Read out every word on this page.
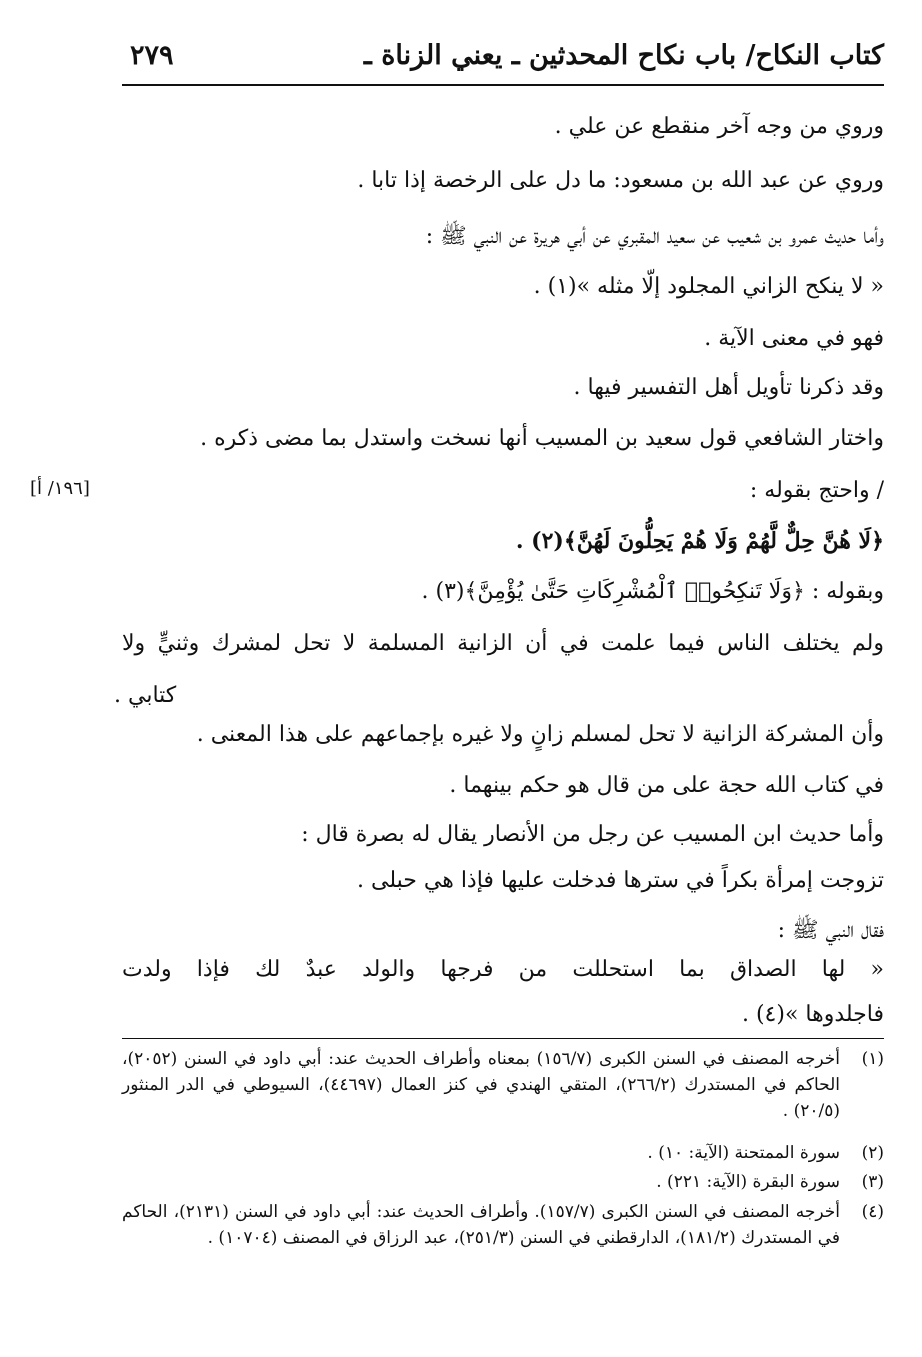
كتاب النكاح/ باب نكاح المحدثين ـ يعني الزناة ـ
٢٧٩
[١٩٦/ أ]
وروي من وجه آخر منقطع عن علي .
وروي عن عبد الله بن مسعود: ما دل على الرخصة إذا تابا .
وأما حديث عمرو بن شعيب عن سعيد المقبري عن أبي هريرة عن النبي ﷺ :
« لا ينكح الزاني المجلود إلّا مثله »(١) .
فهو في معنى الآية .
وقد ذكرنا تأويل أهل التفسير فيها .
واختار الشافعي قول سعيد بن المسيب أنها نسخت واستدل بما مضى ذكره .
/ واحتج بقوله :
﴿لَا هُنَّ حِلٌّ لَّهُمْ وَلَا هُمْ يَحِلُّونَ لَهُنَّ﴾(٢) .
وبقوله : ﴿وَلَا تَنكِحُوا۟ ٱلْمُشْرِكَاتِ حَتَّىٰ يُؤْمِنَّ﴾(٣) .
ولم يختلف الناس فيما علمت في أن الزانية المسلمة لا تحل لمشرك وثنيٍّ ولا
كتابي .
وأن المشركة الزانية لا تحل لمسلم زانٍ ولا غيره بإجماعهم على هذا المعنى .
في كتاب الله حجة على من قال هو حكم بينهما .
وأما حديث ابن المسيب عن رجل من الأنصار يقال له بصرة قال :
تزوجت إمرأة بكراً في سترها فدخلت عليها فإذا هي حبلى .
فقال النبي ﷺ :
« لها الصداق بما استحللت من فرجها والولد عبدٌ لك فإذا ولدت
فاجلدوها »(٤) .
(١)
أخرجه المصنف في السنن الكبرى (١٥٦/٧) بمعناه وأطراف الحديث عند: أبي داود في السنن (٢٠٥٢)، الحاكم في المستدرك (٢٦٦/٢)، المتقي الهندي في كنز العمال (٤٤٦٩٧)، السيوطي في الدر المنثور (٢٠/٥) .
(٢)
سورة الممتحنة (الآية: ١٠) .
(٣)
سورة البقرة (الآية: ٢٢١) .
(٤)
أخرجه المصنف في السنن الكبرى (١٥٧/٧). وأطراف الحديث عند: أبي داود في السنن (٢١٣١)، الحاكم في المستدرك (١٨١/٢)، الدارقطني في السنن (٢٥١/٣)، عبد الرزاق في المصنف (١٠٧٠٤) .
